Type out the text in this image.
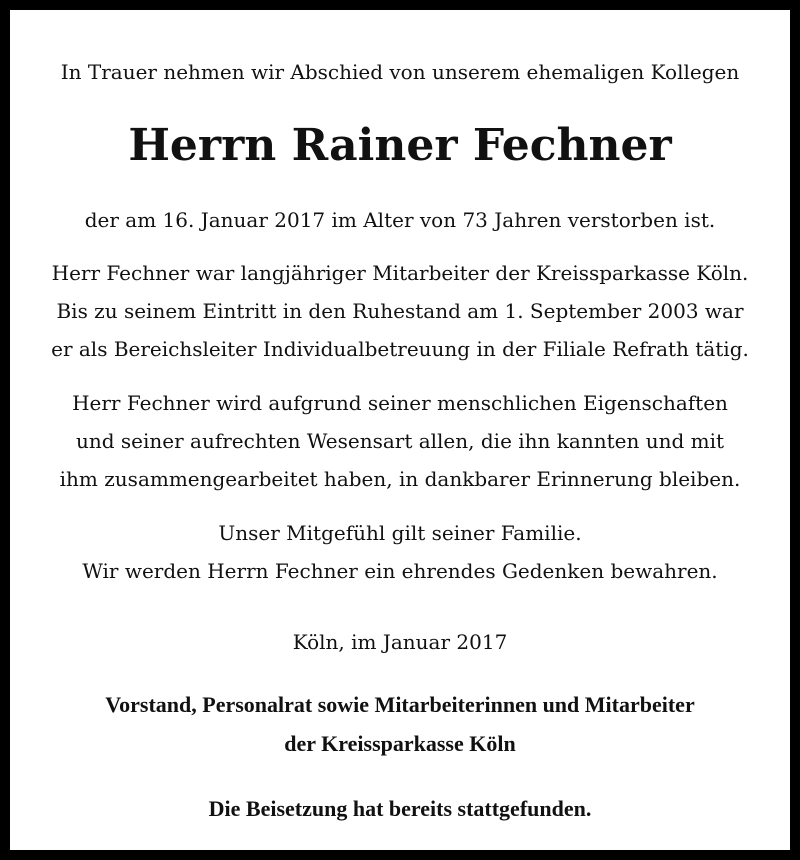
In Trauer nehmen wir Abschied von unserem ehemaligen Kollegen
Herrn Rainer Fechner
der am 16. Januar 2017 im Alter von 73 Jahren verstorben ist.
Herr Fechner war langjähriger Mitarbeiter der Kreissparkasse Köln.
Bis zu seinem Eintritt in den Ruhestand am 1. September 2003 war
er als Bereichsleiter Individualbetreuung in der Filiale Refrath tätig.
Herr Fechner wird aufgrund seiner menschlichen Eigenschaften
und seiner aufrechten Wesensart allen, die ihn kannten und mit
ihm zusammengearbeitet haben, in dankbarer Erinnerung bleiben.
Unser Mitgefühl gilt seiner Familie.
Wir werden Herrn Fechner ein ehrendes Gedenken bewahren.
Köln, im Januar 2017
Vorstand, Personalrat sowie Mitarbeiterinnen und Mitarbeiter
der Kreissparkasse Köln
Die Beisetzung hat bereits stattgefunden.
